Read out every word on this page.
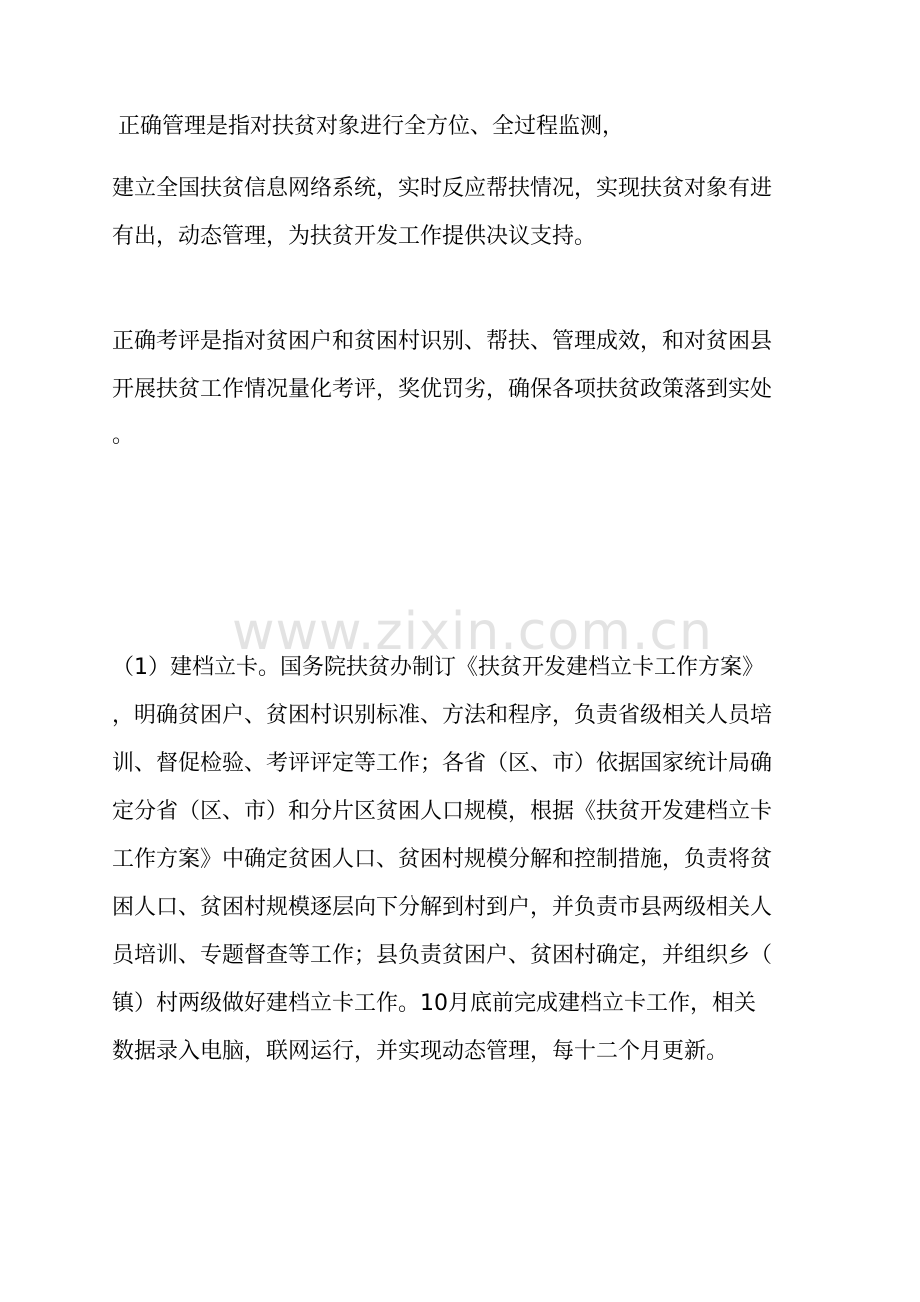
www.zixin.com.cn

正确管理是指对扶贫对象进行全方位、全过程监测，

建立全国扶贫信息网络系统，实时反应帮扶情况，实现扶贫对象有进

有出，动态管理，为扶贫开发工作提供决议支持。

正确考评是指对贫困户和贫困村识别、帮扶、管理成效，和对贫困县

开展扶贫工作情况量化考评，奖优罚劣，确保各项扶贫政策落到实处

。

（1）建档立卡。国务院扶贫办制订《扶贫开发建档立卡工作方案》

，明确贫困户、贫困村识别标准、方法和程序，负责省级相关人员培

训、督促检验、考评评定等工作；各省（区、市）依据国家统计局确

定分省（区、市）和分片区贫困人口规模，根据《扶贫开发建档立卡

工作方案》中确定贫困人口、贫困村规模分解和控制措施，负责将贫

困人口、贫困村规模逐层向下分解到村到户，并负责市县两级相关人

员培训、专题督查等工作；县负责贫困户、贫困村确定，并组织乡（

镇）村两级做好建档立卡工作。10月底前完成建档立卡工作，相关

数据录入电脑，联网运行，并实现动态管理，每十二个月更新。
